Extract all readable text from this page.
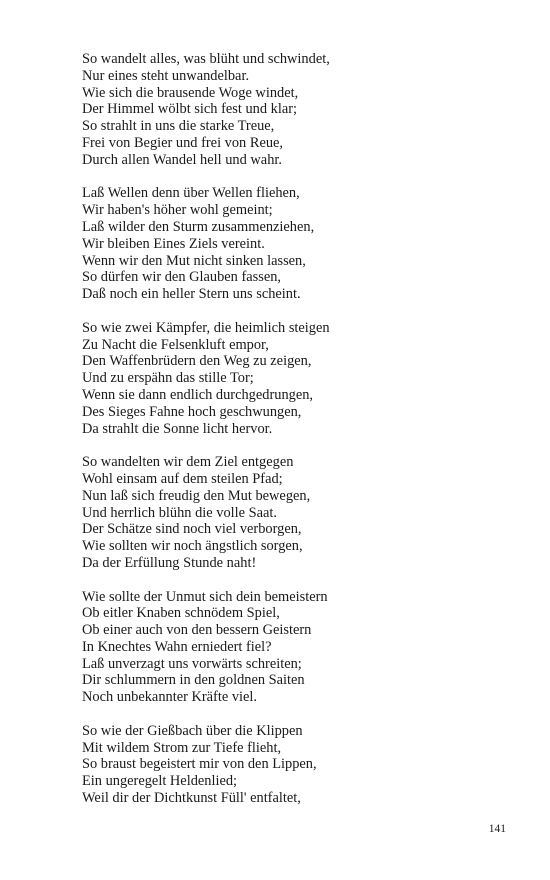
So wandelt alles, was blüht und schwindet,
Nur eines steht unwandelbar.
Wie sich die brausende Woge windet,
Der Himmel wölbt sich fest und klar;
So strahlt in uns die starke Treue,
Frei von Begier und frei von Reue,
Durch allen Wandel hell und wahr.
Laß Wellen denn über Wellen fliehen,
Wir haben's höher wohl gemeint;
Laß wilder den Sturm zusammenziehen,
Wir bleiben Eines Ziels vereint.
Wenn wir den Mut nicht sinken lassen,
So dürfen wir den Glauben fassen,
Daß noch ein heller Stern uns scheint.
So wie zwei Kämpfer, die heimlich steigen
Zu Nacht die Felsenkluft empor,
Den Waffenbrüdern den Weg zu zeigen,
Und zu erspähn das stille Tor;
Wenn sie dann endlich durchgedrungen,
Des Sieges Fahne hoch geschwungen,
Da strahlt die Sonne licht hervor.
So wandelten wir dem Ziel entgegen
Wohl einsam auf dem steilen Pfad;
Nun laß sich freudig den Mut bewegen,
Und herrlich blühn die volle Saat.
Der Schätze sind noch viel verborgen,
Wie sollten wir noch ängstlich sorgen,
Da der Erfüllung Stunde naht!
Wie sollte der Unmut sich dein bemeistern
Ob eitler Knaben schnödem Spiel,
Ob einer auch von den bessern Geistern
In Knechtes Wahn erniedert fiel?
Laß unverzagt uns vorwärts schreiten;
Dir schlummern in den goldnen Saiten
Noch unbekannter Kräfte viel.
So wie der Gießbach über die Klippen
Mit wildem Strom zur Tiefe flieht,
So braust begeistert mir von den Lippen,
Ein ungeregelt Heldenlied;
Weil dir der Dichtkunst Füll' entfaltet,
141
